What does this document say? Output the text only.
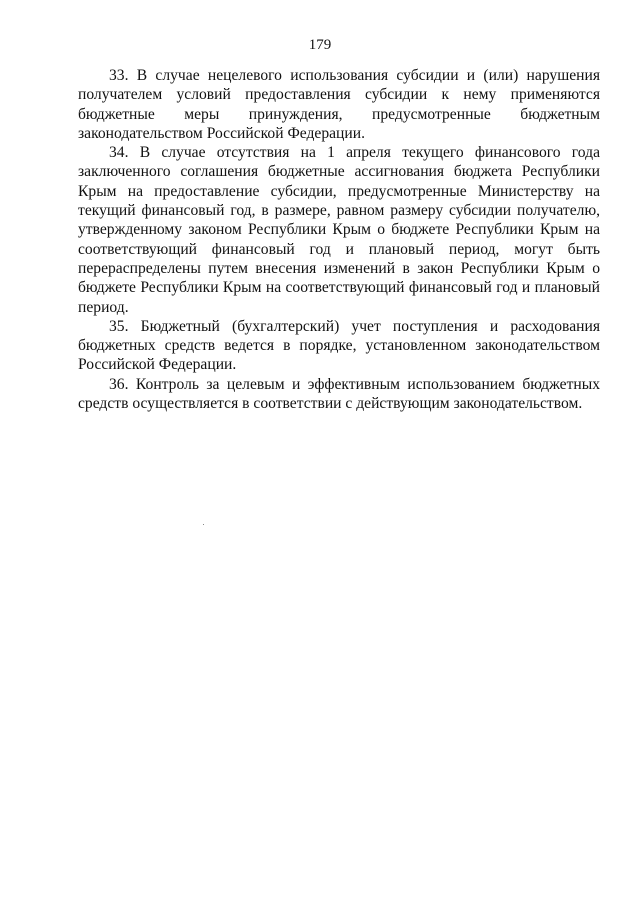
179

33. В случае нецелевого использования субсидии и (или) нарушения получателем условий предоставления субсидии к нему применяются бюджетные меры принуждения, предусмотренные бюджетным законодательством Российской Федерации.

34. В случае отсутствия на 1 апреля текущего финансового года заключенного соглашения бюджетные ассигнования бюджета Республики Крым на предоставление субсидии, предусмотренные Министерству на текущий финансовый год, в размере, равном размеру субсидии получателю, утвержденному законом Республики Крым о бюджете Республики Крым на соответствующий финансовый год и плановый период, могут быть перераспределены путем внесения изменений в закон Республики Крым о бюджете Республики Крым на соответствующий финансовый год и плановый период.

35. Бюджетный (бухгалтерский) учет поступления и расходования бюджетных средств ведется в порядке, установленном законодательством Российской Федерации.

36. Контроль за целевым и эффективным использованием бюджетных средств осуществляется в соответствии с действующим законодательством.
